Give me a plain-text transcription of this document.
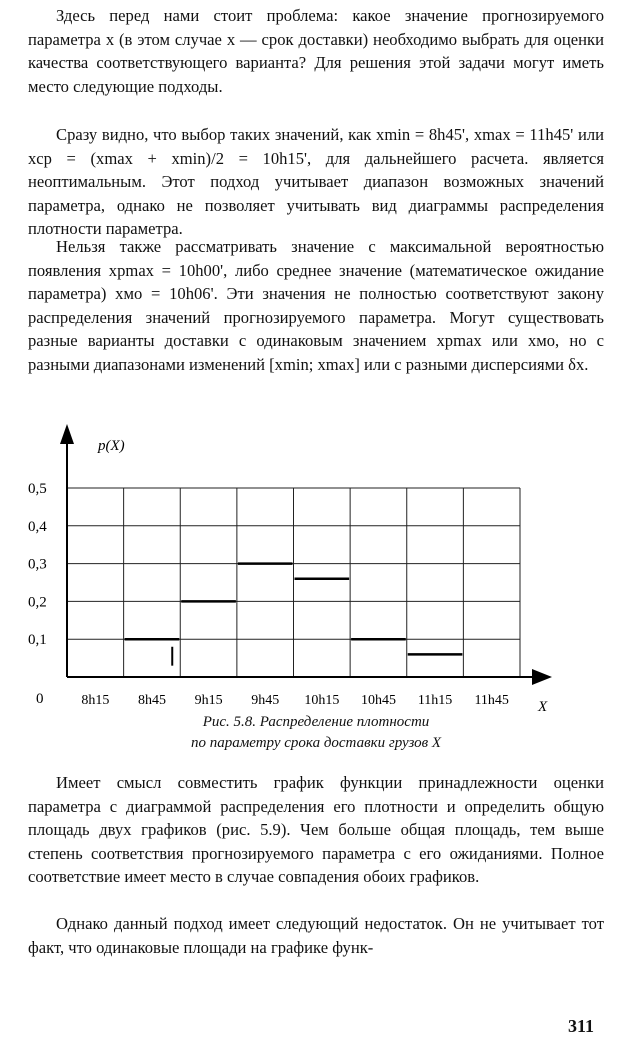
Здесь перед нами стоит проблема: какое значение прогнозируемого параметра x (в этом случае x — срок доставки) необходимо выбрать для оценки качества соответствующего варианта? Для решения этой задачи могут иметь место следующие подходы.

Сразу видно, что выбор таких значений, как xmin = 8h45', xmax = 11h45' или xср = (xmax + xmin)/2 = 10h15', для дальнейшего расчета. является неоптимальным. Этот подход учитывает диапазон возможных значений параметра, однако не позволяет учитывать вид диаграммы распределения плотности параметра.

Нельзя также рассматривать значение с максимальной вероятностью появления xpmax = 10h00', либо среднее значение (математическое ожидание параметра) xмо = 10h06'. Эти значения не полностью соответствуют закону распределения значений прогнозируемого параметра. Могут существовать разные варианты доставки с одинаковым значением xpmax или xмо, но с разными диапазонами изменений [xmin; xmax] или с разными дисперсиями δx.

0
0,1
0,2
0,3
0,4
0,5
8h15 8h45 9h15 9h45 10h15 10h45 11h15 11h45
p(X)
X
Рис. 5.8. Распределение плотности
по параметру срока доставки грузов X

Имеет смысл совместить график функции принадлежности оценки параметра с диаграммой распределения его плотности и определить общую площадь двух графиков (рис. 5.9). Чем больше общая площадь, тем выше степень соответствия прогнозируемого параметра с его ожиданиями. Полное соответствие имеет место в случае совпадения обоих графиков.

Однако данный подход имеет следующий недостаток. Он не учитывает тот факт, что одинаковые площади на графике функ-

311
